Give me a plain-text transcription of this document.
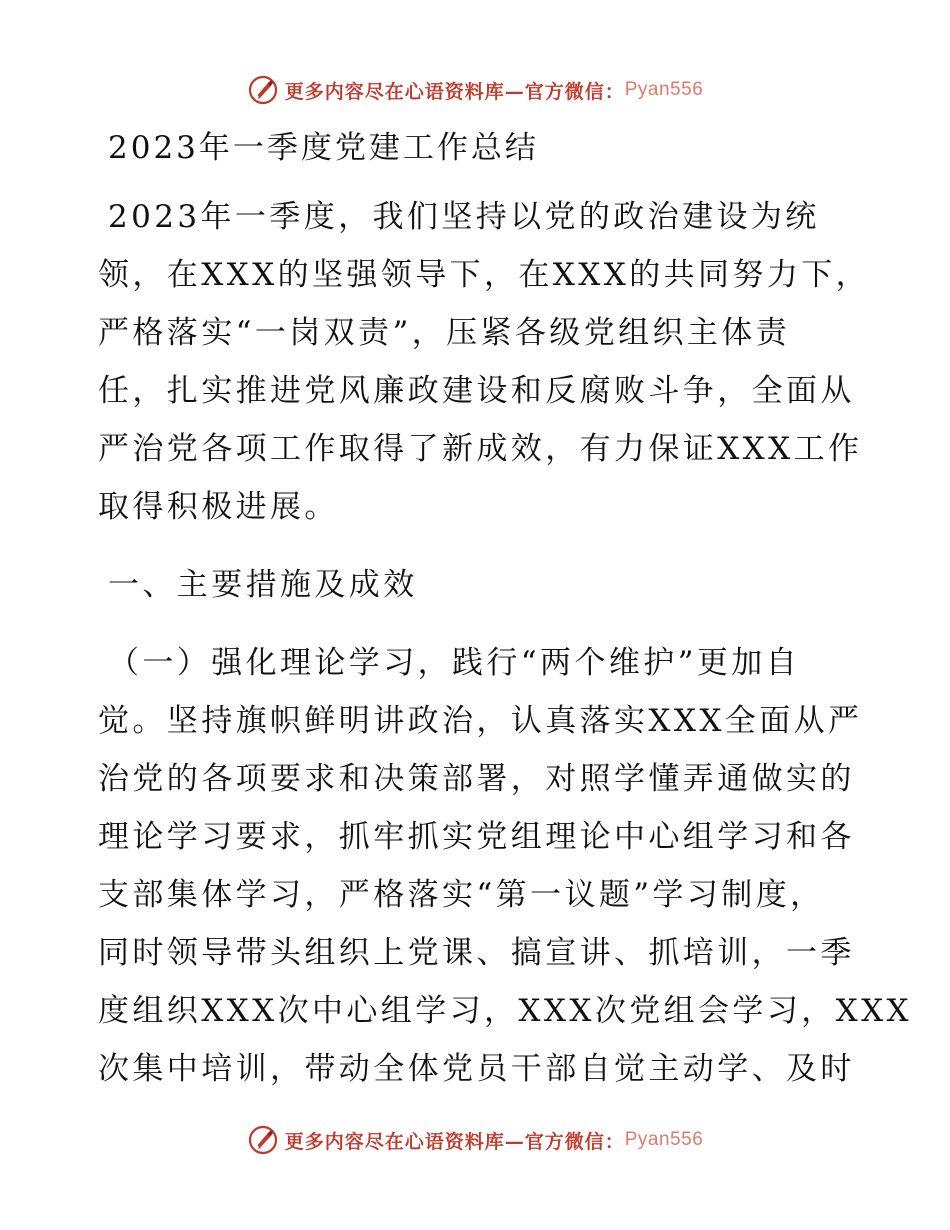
更多内容尽在心语资料库—官方微信： Pyan556
2023年一季度党建工作总结
2023年一季度，我们坚持以党的政治建设为统
领，在XXX的坚强领导下，在XXX的共同努力下，
严格落实“一岗双责”，压紧各级党组织主体责
任，扎实推进党风廉政建设和反腐败斗争，全面从
严治党各项工作取得了新成效，有力保证XXX工作
取得积极进展。
一、主要措施及成效
（一）强化理论学习，践行“两个维护”更加自
觉。坚持旗帜鲜明讲政治，认真落实XXX全面从严
治党的各项要求和决策部署，对照学懂弄通做实的
理论学习要求，抓牢抓实党组理论中心组学习和各
支部集体学习，严格落实“第一议题”学习制度，
同时领导带头组织上党课、搞宣讲、抓培训，一季
度组织XXX次中心组学习，XXX次党组会学习，XXX
次集中培训，带动全体党员干部自觉主动学、及时
更多内容尽在心语资料库—官方微信： Pyan556
